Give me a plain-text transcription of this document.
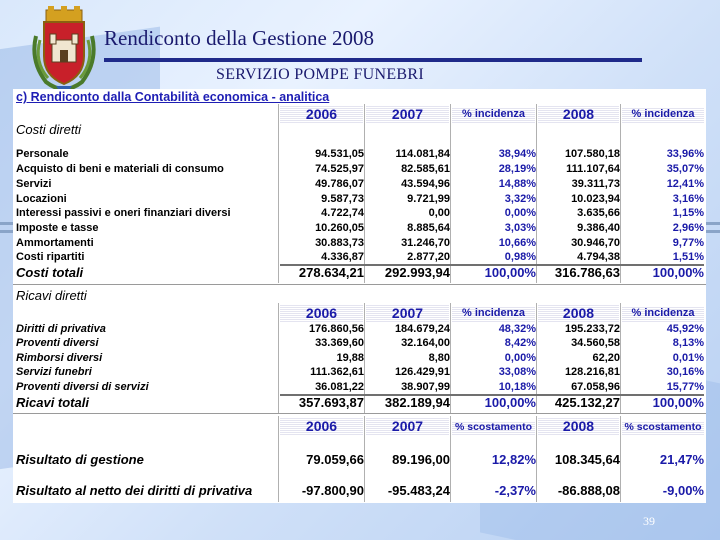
Rendiconto della Gestione 2008
SERVIZIO POMPE FUNEBRI
c) Rendiconto dalla Contabilità economica - analitica
2006	2007	% incidenza	2008	% incidenza
Costi diretti
Personale	94.531,05	114.081,84	38,94%	107.580,18	33,96%
Acquisto di beni e materiali di consumo	74.525,97	82.585,61	28,19%	111.107,64	35,07%
Servizi	49.786,07	43.594,96	14,88%	39.311,73	12,41%
Locazioni	9.587,73	9.721,99	3,32%	10.023,94	3,16%
Interessi passivi e oneri finanziari diversi	4.722,74	0,00	0,00%	3.635,66	1,15%
Imposte e tasse	10.260,05	8.885,64	3,03%	9.386,40	2,96%
Ammortamenti	30.883,73	31.246,70	10,66%	30.946,70	9,77%
Costi ripartiti	4.336,87	2.877,20	0,98%	4.794,38	1,51%
Costi totali	278.634,21	292.993,94	100,00%	316.786,63	100,00%
Ricavi diretti
2006	2007	% incidenza	2008	% incidenza
Diritti di privativa	176.860,56	184.679,24	48,32%	195.233,72	45,92%
Proventi diversi	33.369,60	32.164,00	8,42%	34.560,58	8,13%
Rimborsi diversi	19,88	8,80	0,00%	62,20	0,01%
Servizi funebri	111.362,61	126.429,91	33,08%	128.216,81	30,16%
Proventi diversi di servizi	36.081,22	38.907,99	10,18%	67.058,96	15,77%
Ricavi totali	357.693,87	382.189,94	100,00%	425.132,27	100,00%
2006	2007	% scostamento	2008	% scostamento
Risultato di gestione	79.059,66	89.196,00	12,82%	108.345,64	21,47%
Risultato al netto dei diritti di privativa	-97.800,90	-95.483,24	-2,37%	-86.888,08	-9,00%
39
